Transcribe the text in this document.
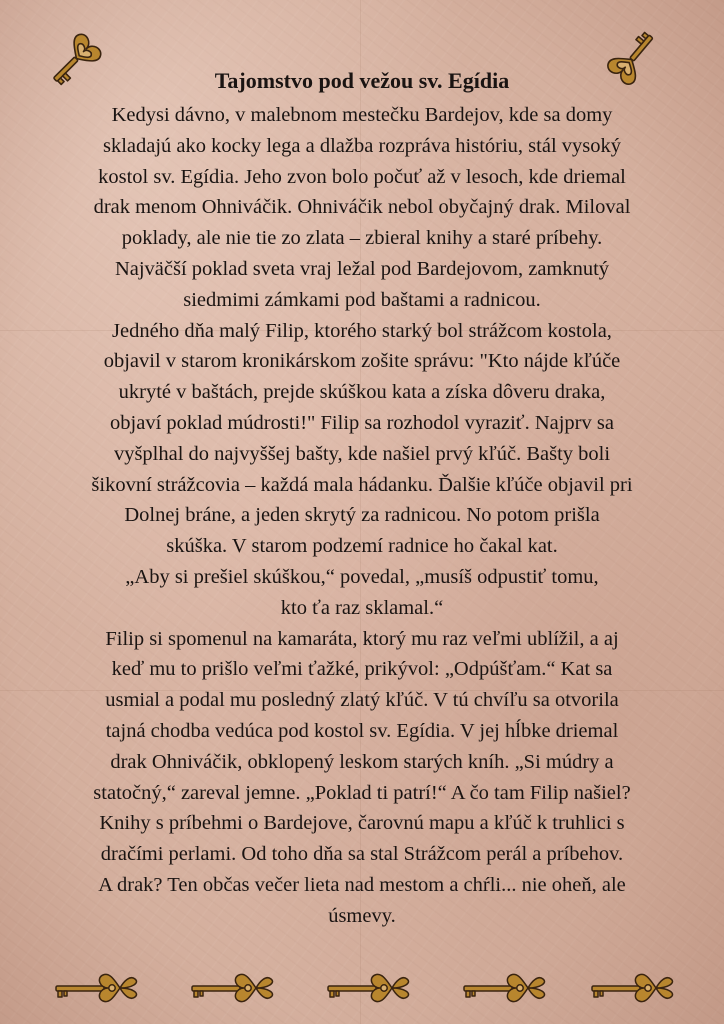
Tajomstvo pod vežou sv. Egídia
Kedysi dávno, v malebnom mestečku Bardejov, kde sa domy
skladajú ako kocky lega a dlažba rozpráva históriu, stál vysoký
kostol sv. Egídia. Jeho zvon bolo počuť až v lesoch, kde driemal
drak menom Ohniváčik. Ohniváčik nebol obyčajný drak. Miloval
poklady, ale nie tie zo zlata – zbieral knihy a staré príbehy.
Najväčší poklad sveta vraj ležal pod Bardejovom, zamknutý
siedmimi zámkami pod baštami a radnicou.
Jedného dňa malý Filip, ktorého starký bol strážcom kostola,
objavil v starom kronikárskom zošite správu: "Kto nájde kľúče
ukryté v baštách, prejde skúškou kata a získa dôveru draka,
objaví poklad múdrosti!" Filip sa rozhodol vyraziť. Najprv sa
vyšplhal do najvyššej bašty, kde našiel prvý kľúč. Bašty boli
šikovní strážcovia – každá mala hádanku. Ďalšie kľúče objavil pri
Dolnej bráne, a jeden skrytý za radnicou. No potom prišla
skúška. V starom podzemí radnice ho čakal kat.
„Aby si prešiel skúškou,“ povedal, „musíš odpustiť tomu,
kto ťa raz sklamal.“
Filip si spomenul na kamaráta, ktorý mu raz veľmi ublížil, a aj
keď mu to prišlo veľmi ťažké, prikývol: „Odpúšťam.“ Kat sa
usmial a podal mu posledný zlatý kľúč. V tú chvíľu sa otvorila
tajná chodba vedúca pod kostol sv. Egídia. V jej hĺbke driemal
drak Ohniváčik, obklopený leskom starých kníh. „Si múdry a
statočný,“ zareval jemne. „Poklad ti patrí!“ A čo tam Filip našiel?
Knihy s príbehmi o Bardejove, čarovnú mapu a kľúč k truhlici s
dračími perlami. Od toho dňa sa stal Strážcom perál a príbehov.
A drak? Ten občas večer lieta nad mestom a chŕli... nie oheň, ale
úsmevy.
